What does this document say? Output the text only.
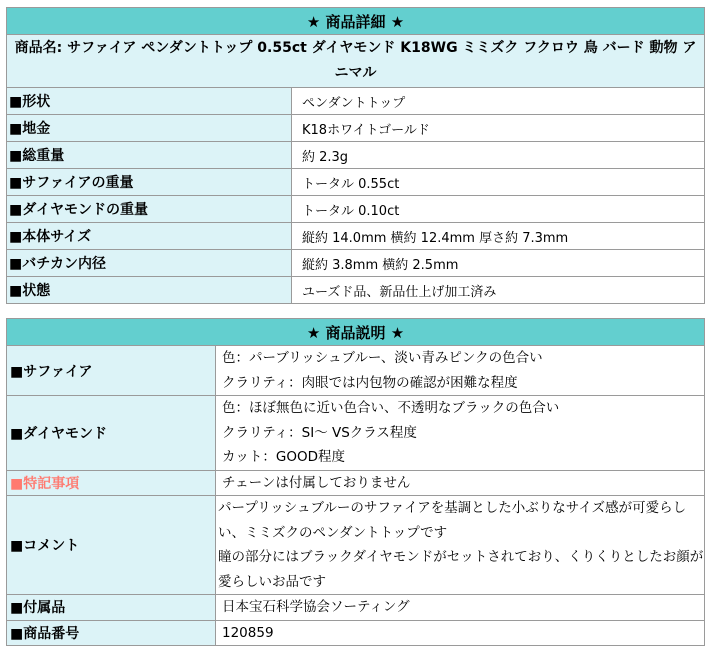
★ 商品詳細 ★	
商品名: サファイア ペンダントトップ 0.55ct ダイヤモンド K18WG ミミズク フクロウ 鳥 バード 動物 アニマル	
■形状	ペンダントトップ
■地金	K18ホワイトゴールド
■総重量	約 2.3g
■サファイアの重量	トータル 0.55ct
■ダイヤモンドの重量	トータル 0.10ct
■本体サイズ	縦約 14.0mm 横約 12.4mm 厚さ約 7.3mm
■バチカン内径	縦約 3.8mm 横約 2.5mm
■状態	ユーズド品、新品仕上げ加工済み
★ 商品説明 ★	
■サファイア	色：パーブリッシュブルー、淡い青みピンクの色合い
クラリティ：肉眼では内包物の確認が困難な程度

■ダイヤモンド	色：ほぼ無色に近い色合い、不透明なブラックの色合い
クラリティ：SI～ VSクラス程度
カット：GOOD程度

■特記事項	チェーンは付属しておりません
■コメント	パープリッシュブルーのサファイアを基調とした小ぶりなサイズ感が可愛らしい、ミミズクのペンダントトップです
瞳の部分にはブラックダイヤモンドがセットされており、くりくりとしたお顔が愛らしいお品です

■付属品	日本宝石科学協会ソーティング
■商品番号	120859
